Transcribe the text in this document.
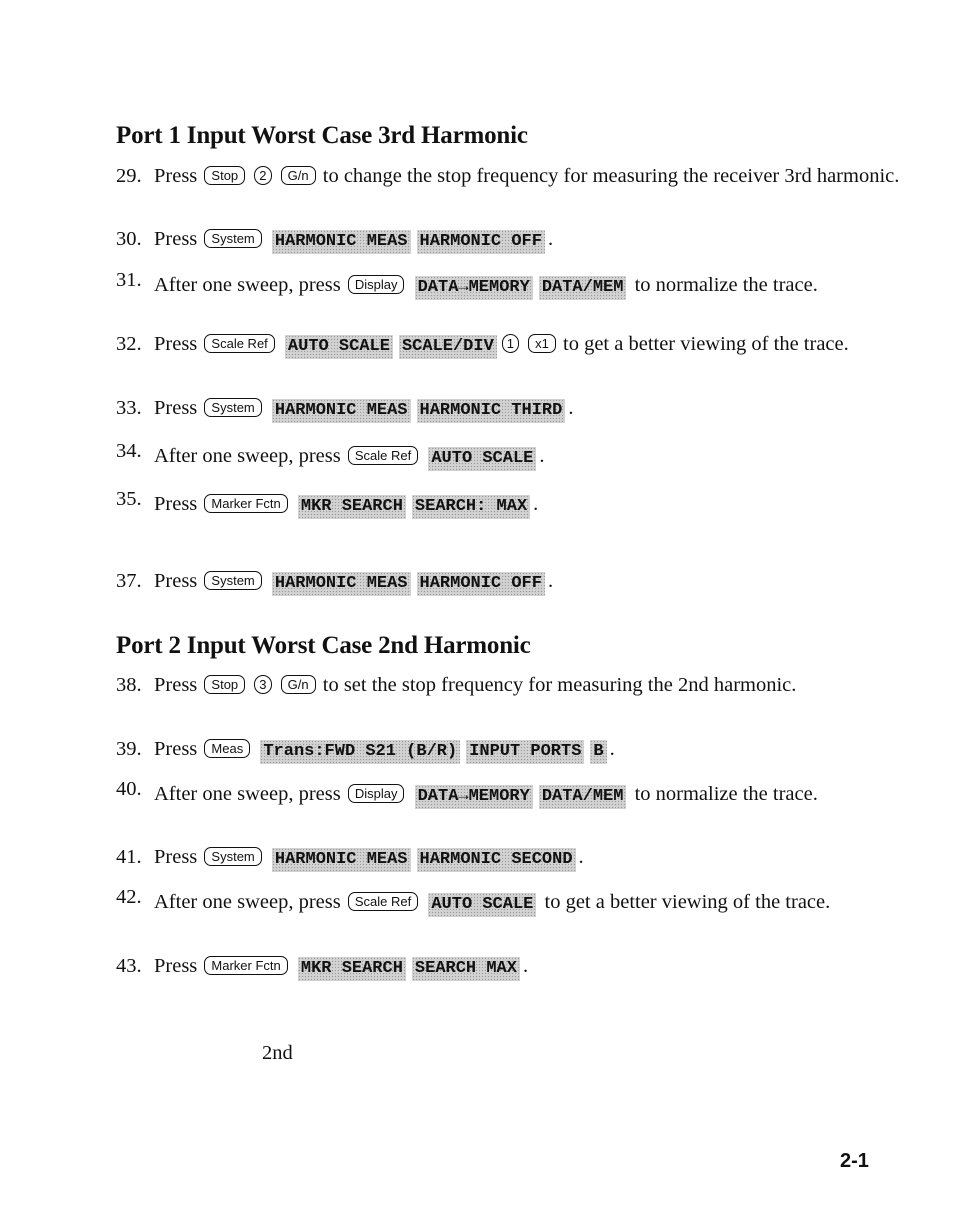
Port 1 Input Worst Case 3rd Harmonic
29. Press Stop 2 G/n to change the stop frequency for measuring the receiver 3rd harmonic.
30. Press System HARMONIC MEAS HARMONIC OFF .
31. After one sweep, press Display DATA→MEMORY DATA/MEM to normalize the trace.
32. Press Scale Ref AUTO SCALE SCALE/DIV 1 x1 to get a better viewing of the trace.
33. Press System HARMONIC MEAS HARMONIC THIRD .
34. After one sweep, press Scale Ref AUTO SCALE .
35. Press Marker Fctn MKR SEARCH SEARCH: MAX .
37. Press System HARMONIC MEAS HARMONIC OFF .
Port 2 Input Worst Case 2nd Harmonic
38. Press Stop 3 G/n to set the stop frequency for measuring the 2nd harmonic.
39. Press Meas Trans:FWD S21 (B/R) INPUT PORTS B .
40. After one sweep, press Display DATA→MEMORY DATA/MEM to normalize the trace.
41. Press System HARMONIC MEAS HARMONIC SECOND .
42. After one sweep, press Scale Ref AUTO SCALE to get a better viewing of the trace.
43. Press Marker Fctn MKR SEARCH SEARCH MAX .
2nd
2-1
